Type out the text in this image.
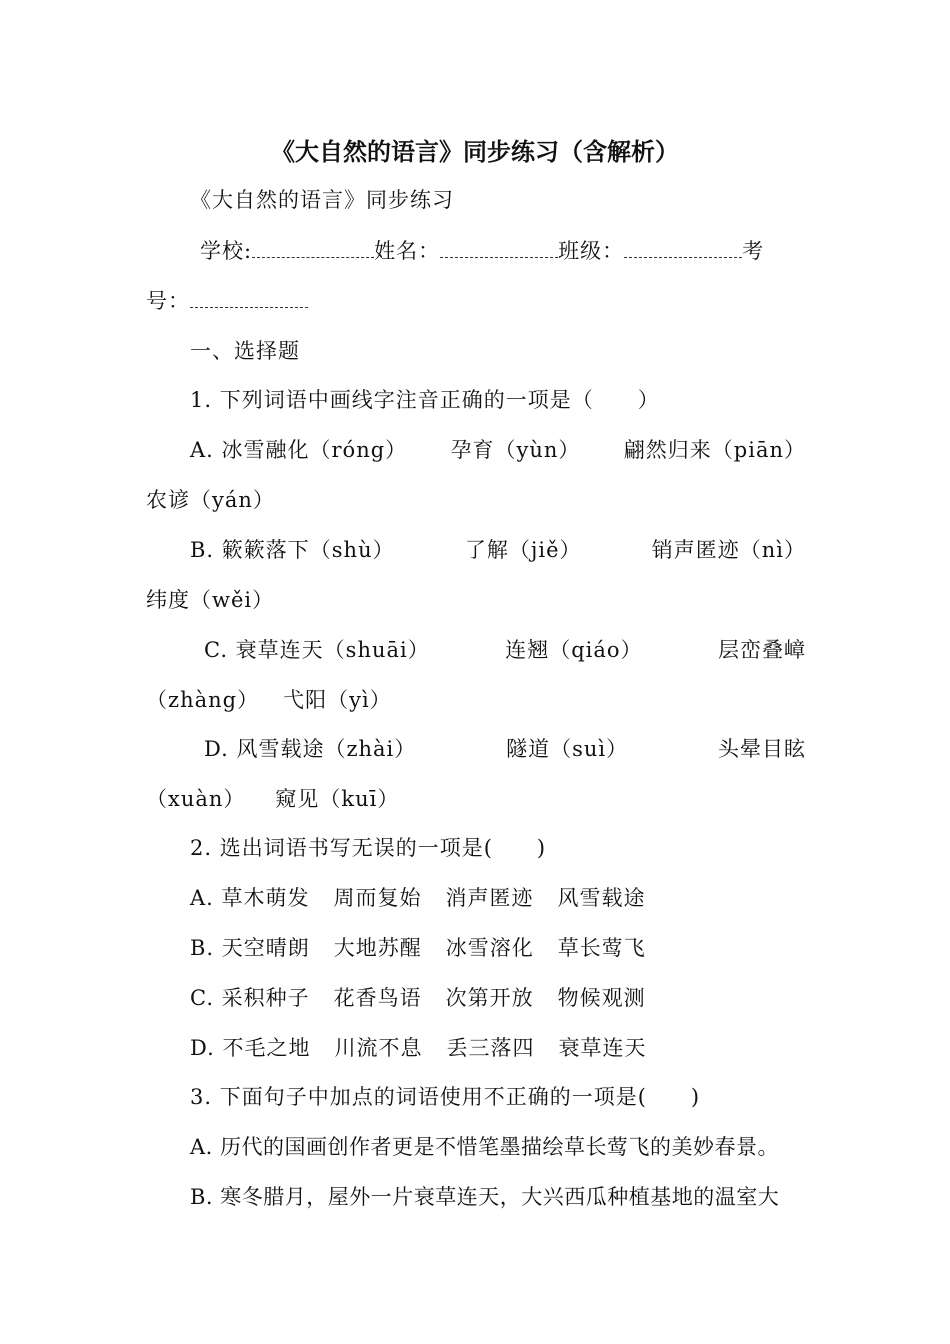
《大自然的语言》同步练习（含解析）
《大自然的语言》同步练习
学校:	姓名：	班级：	考
号：
一、选择题
1. 下列词语中画线字注音正确的一项是（　　）
A. 冰雪融化（róng） 孕育（yùn） 翩然归来（piān）
农谚（yán）
B. 簌簌落下（shù）	了解（jiě）	销声匿迹（nì）
纬度（wěi）
C. 衰草连天（shuāi）	连翘（qiáo）	层峦叠嶂
（zhàng） 弋阳（yì）
D. 风雪载途（zhài）	隧道（suì）	头晕目眩
（xuàn） 窥见（kuī）
2. 选出词语书写无误的一项是(　　)
A. 草木萌发 周而复始 消声匿迹 风雪载途
B. 天空晴朗 大地苏醒 冰雪溶化 草长莺飞
C. 采积种子 花香鸟语 次第开放 物候观测
D. 不毛之地 川流不息 丢三落四 衰草连天
3. 下面句子中加点的词语使用不正确的一项是(　　)
A. 历代的国画创作者更是不惜笔墨描绘草长莺飞的美妙春景。
B. 寒冬腊月，屋外一片衰草连天，大兴西瓜种植基地的温室大
